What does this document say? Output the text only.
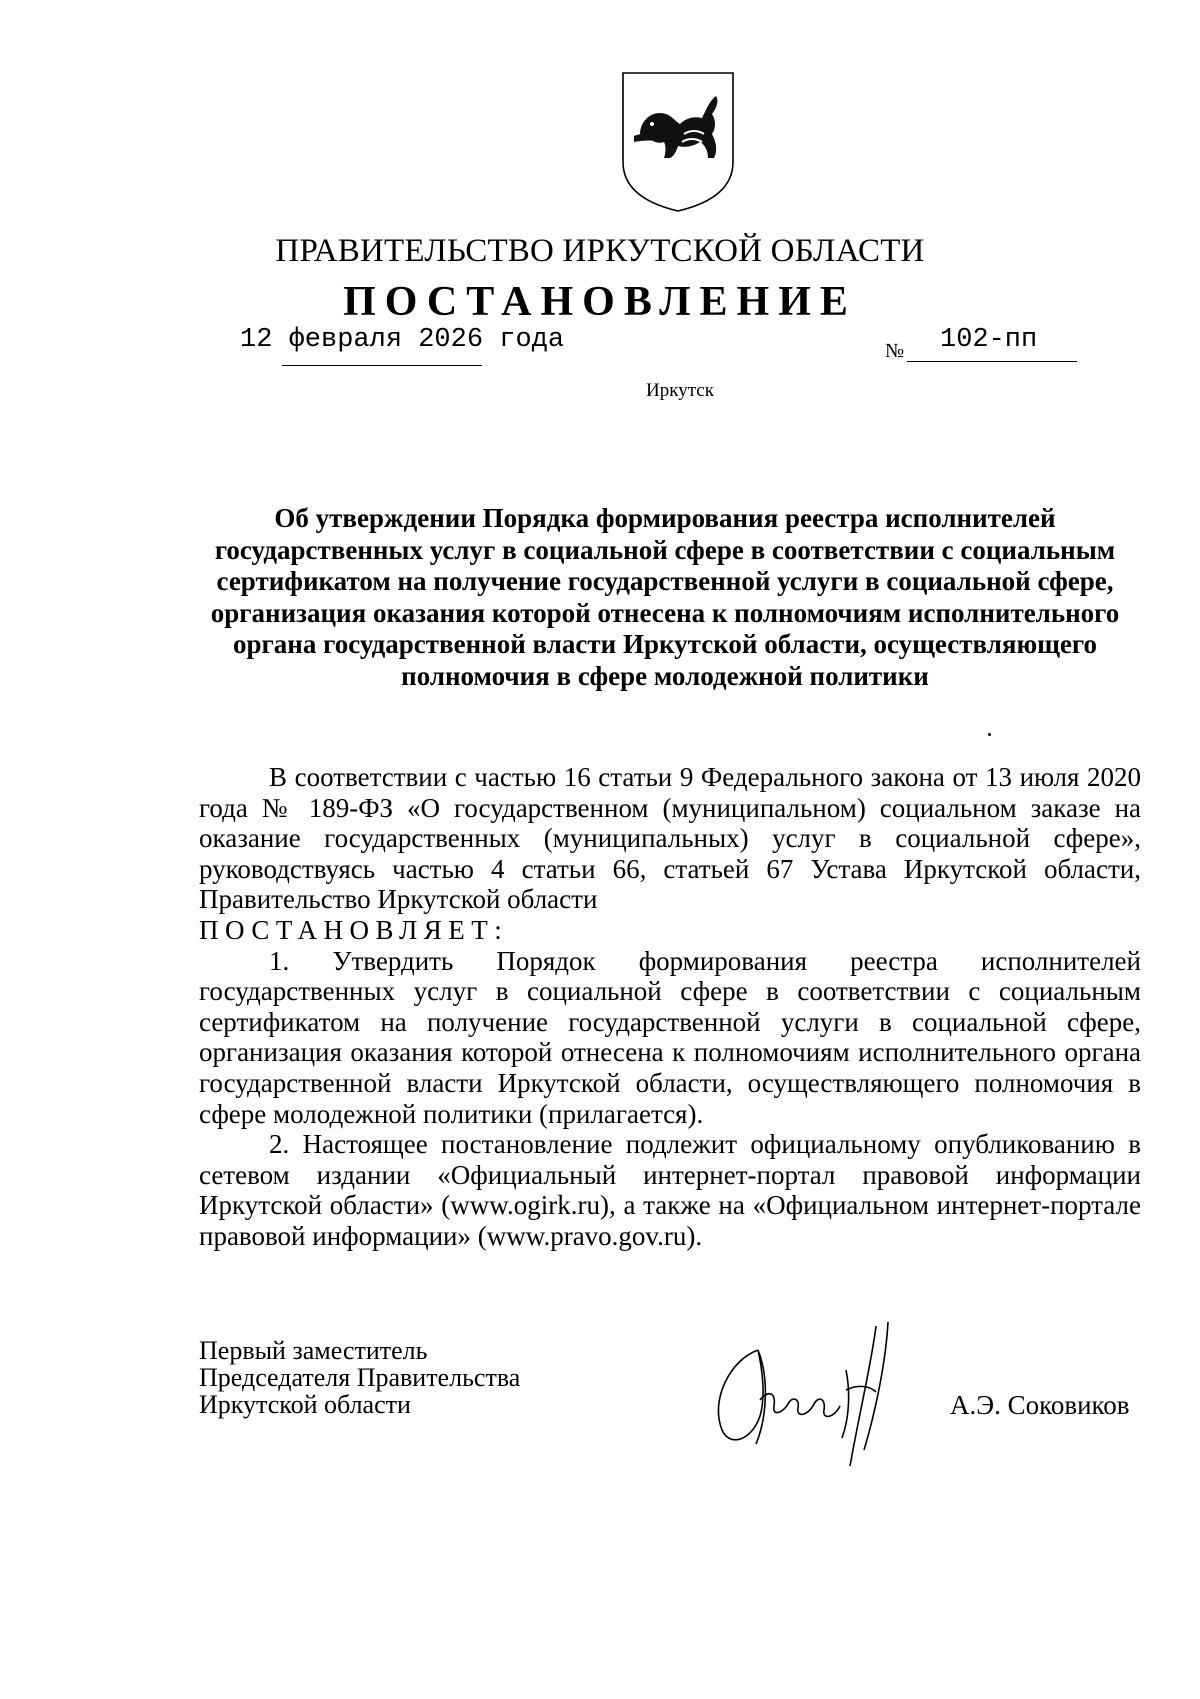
ПРАВИТЕЛЬСТВО ИРКУТСКОЙ ОБЛАСТИ
ПОСТАНОВЛЕНИЕ
12 февраля 2026 года	№ 102-пп
Иркутск
Об утверждении Порядка формирования реестра исполнителей государственных услуг в социальной сфере в соответствии с социальным сертификатом на получение государственной услуги в социальной сфере, организация оказания которой отнесена к полномочиям исполнительного органа государственной власти Иркутской области, осуществляющего полномочия в сфере молодежной политики

В соответствии с частью 16 статьи 9 Федерального закона от 13 июля 2020 года № 189-ФЗ «О государственном (муниципальном) социальном заказе на оказание государственных (муниципальных) услуг в социальной сфере», руководствуясь частью 4 статьи 66, статьей 67 Устава Иркутской области, Правительство Иркутской области

ПОСТАНОВЛЯЕТ:

1. Утвердить Порядок формирования реестра исполнителей государственных услуг в социальной сфере в соответствии с социальным сертификатом на получение государственной услуги в социальной сфере, организация оказания которой отнесена к полномочиям исполнительного органа государственной власти Иркутской области, осуществляющего полномочия в сфере молодежной политики (прилагается).

2. Настоящее постановление подлежит официальному опубликованию в сетевом издании «Официальный интернет-портал правовой информации Иркутской области» (www.ogirk.ru), а также на «Официальном интернет-портале правовой информации» (www.pravo.gov.ru).

Первый заместитель
Председателя Правительства
Иркутской области	А.Э. Соковиков
